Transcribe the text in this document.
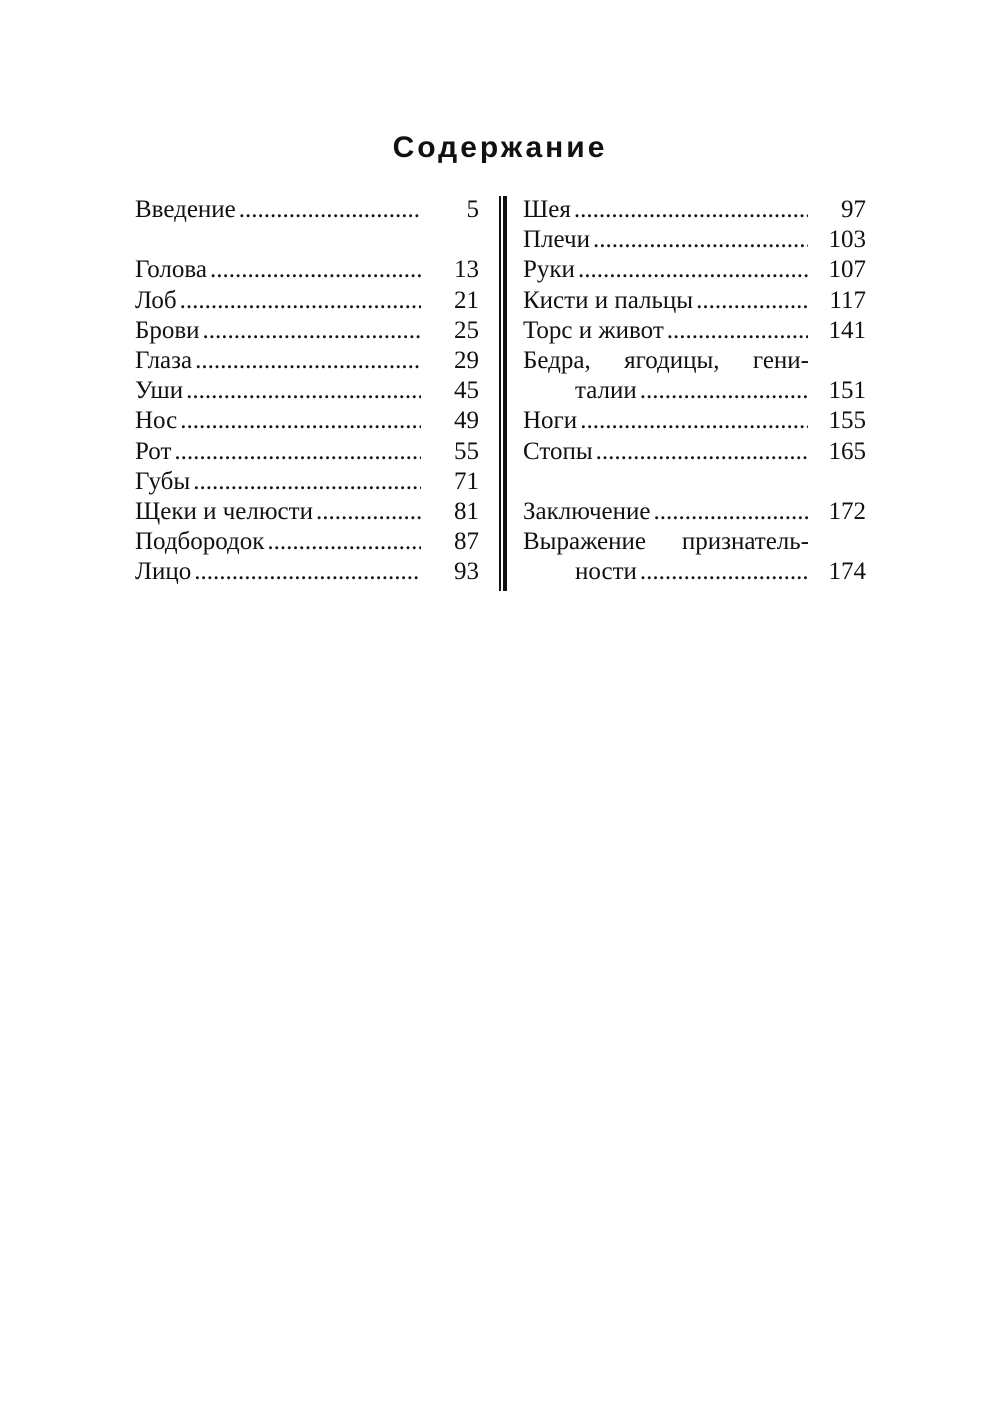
Содержание
Введение .....	5
Голова .....	13
Лоб .....	21
Брови .....	25
Глаза .....	29
Уши .....	45
Нос .....	49
Рот .....	55
Губы .....	71
Щеки и челюсти .....	81
Подбородок .....	87
Лицо .....	93
Шея .....	97
Плечи .....	103
Руки .....	107
Кисти и пальцы .....	117
Торс и живот .....	141
Бедра, ягодицы, гени-
талии .....	151
Ноги .....	155
Стопы .....	165
Заключение .....	172
Выражение признатель-
ности .....	174
